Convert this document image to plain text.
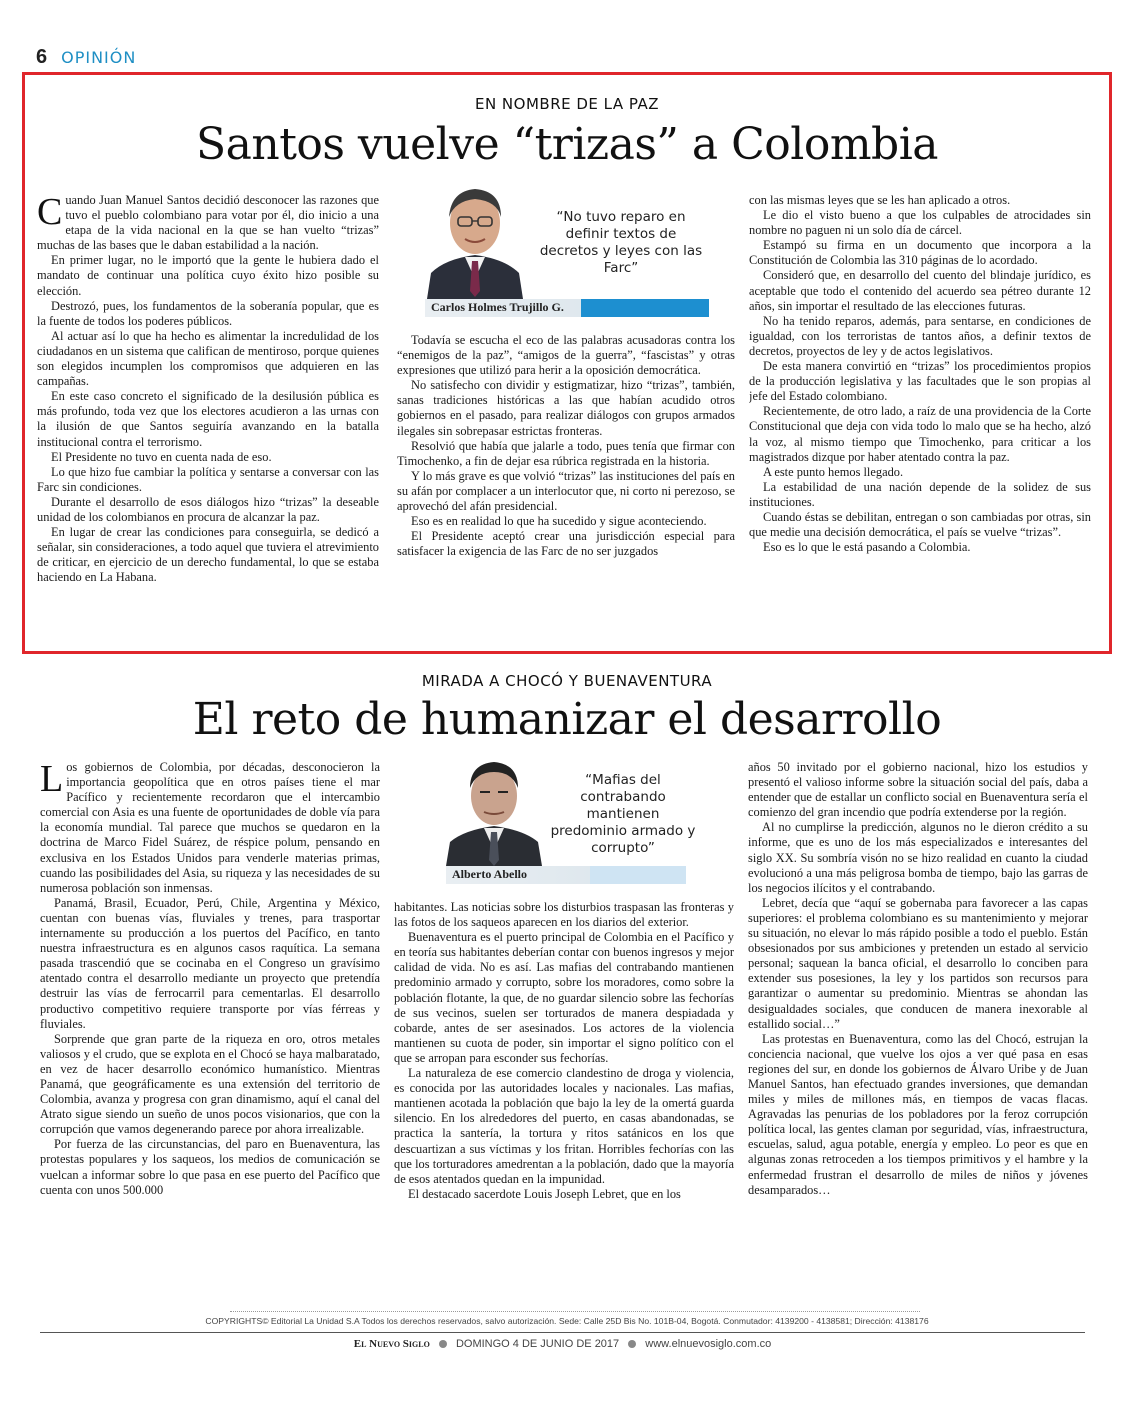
6 OPINIÓN
EN NOMBRE DE LA PAZ
Santos vuelve “trizas” a Colombia

Cuando Juan Manuel Santos decidió desconocer las razones que tuvo el pueblo colombiano para votar por él, dio inicio a una etapa de la vida nacional en la que se han vuelto “trizas” muchas de las bases que le daban estabilidad a la nación.

En primer lugar, no le importó que la gente le hubiera dado el mandato de continuar una política cuyo éxito hizo posible su elección.

Destrozó, pues, los fundamentos de la soberanía popular, que es la fuente de todos los poderes públicos.

Al actuar así lo que ha hecho es alimentar la incredulidad de los ciudadanos en un sistema que califican de mentiroso, porque quienes son elegidos incumplen los compromisos que adquieren en las campañas.

En este caso concreto el significado de la desilusión pública es más profundo, toda vez que los electores acudieron a las urnas con la ilusión de que Santos seguiría avanzando en la batalla institucional contra el terrorismo.

El Presidente no tuvo en cuenta nada de eso.

Lo que hizo fue cambiar la política y sentarse a conversar con las Farc sin condiciones.

Durante el desarrollo de esos diálogos hizo “trizas” la deseable unidad de los colombianos en procura de alcanzar la paz.

En lugar de crear las condiciones para conseguirla, se dedicó a señalar, sin consideraciones, a todo aquel que tuviera el atrevimiento de criticar, en ejercicio de un derecho fundamental, lo que se estaba haciendo en La Habana.

“No tuvo reparo en definir textos de decretos y leyes con las Farc”
Carlos Holmes Trujillo G.

Todavía se escucha el eco de las palabras acusadoras contra los “enemigos de la paz”, “amigos de la guerra”, “fascistas” y otras expresiones que utilizó para herir a la oposición democrática.

No satisfecho con dividir y estigmatizar, hizo “trizas”, también, sanas tradiciones históricas a las que habían acudido otros gobiernos en el pasado, para realizar diálogos con grupos armados ilegales sin sobrepasar estrictas fronteras.

Resolvió que había que jalarle a todo, pues tenía que firmar con Timochenko, a fin de dejar esa rúbrica registrada en la historia.

Y lo más grave es que volvió “trizas” las instituciones del país en su afán por complacer a un interlocutor que, ni corto ni perezoso, se aprovechó del afán presidencial.

Eso es en realidad lo que ha sucedido y sigue aconteciendo.

El Presidente aceptó crear una jurisdicción especial para satisfacer la exigencia de las Farc de no ser juzgados

con las mismas leyes que se les han aplicado a otros.

Le dio el visto bueno a que los culpables de atrocidades sin nombre no paguen ni un solo día de cárcel.

Estampó su firma en un documento que incorpora a la Constitución de Colombia las 310 páginas de lo acordado.

Consideró que, en desarrollo del cuento del blindaje jurídico, es aceptable que todo el contenido del acuerdo sea pétreo durante 12 años, sin importar el resultado de las elecciones futuras.

No ha tenido reparos, además, para sentarse, en condiciones de igualdad, con los terroristas de tantos años, a definir textos de decretos, proyectos de ley y de actos legislativos.

De esta manera convirtió en “trizas” los procedimientos propios de la producción legislativa y las facultades que le son propias al jefe del Estado colombiano.

Recientemente, de otro lado, a raíz de una providencia de la Corte Constitucional que deja con vida todo lo malo que se ha hecho, alzó la voz, al mismo tiempo que Timochenko, para criticar a los magistrados dizque por haber atentado contra la paz.

A este punto hemos llegado.

La estabilidad de una nación depende de la solidez de sus instituciones.

Cuando éstas se debilitan, entregan o son cambiadas por otras, sin que medie una decisión democrática, el país se vuelve “trizas”.

Eso es lo que le está pasando a Colombia.

MIRADA A CHOCÓ Y BUENAVENTURA
El reto de humanizar el desarrollo

Los gobiernos de Colombia, por décadas, desconocieron la importancia geopolítica que en otros países tiene el mar Pacífico y recientemente recordaron que el intercambio comercial con Asia es una fuente de oportunidades de doble vía para la economía mundial. Tal parece que muchos se quedaron en la doctrina de Marco Fidel Suárez, de réspice polum, pensando en exclusiva en los Estados Unidos para venderle materias primas, cuando las posibilidades del Asia, su riqueza y las necesidades de su numerosa población son inmensas.

Panamá, Brasil, Ecuador, Perú, Chile, Argentina y México, cuentan con buenas vías, fluviales y trenes, para trasportar internamente su producción a los puertos del Pacífico, en tanto nuestra infraestructura es en algunos casos raquítica. La semana pasada trascendió que se cocinaba en el Congreso un gravísimo atentado contra el desarrollo mediante un proyecto que pretendía destruir las vías de ferrocarril para cementarlas. El desarrollo productivo competitivo requiere transporte por vías férreas y fluviales.

Sorprende que gran parte de la riqueza en oro, otros metales valiosos y el crudo, que se explota en el Chocó se haya malbaratado, en vez de hacer desarrollo económico humanístico. Mientras Panamá, que geográficamente es una extensión del territorio de Colombia, avanza y progresa con gran dinamismo, aquí el canal del Atrato sigue siendo un sueño de unos pocos visionarios, que con la corrupción que vamos degenerando parece por ahora irrealizable.

Por fuerza de las circunstancias, del paro en Buenaventura, las protestas populares y los saqueos, los medios de comunicación se vuelcan a informar sobre lo que pasa en ese puerto del Pacífico que cuenta con unos 500.000

“Mafias del contrabando mantienen predominio armado y corrupto”
Alberto Abello

habitantes. Las noticias sobre los disturbios traspasan las fronteras y las fotos de los saqueos aparecen en los diarios del exterior.

Buenaventura es el puerto principal de Colombia en el Pacífico y en teoría sus habitantes deberían contar con buenos ingresos y mejor calidad de vida. No es así. Las mafias del contrabando mantienen predominio armado y corrupto, sobre los moradores, como sobre la población flotante, la que, de no guardar silencio sobre las fechorías de sus vecinos, suelen ser torturados de manera despiadada y cobarde, antes de ser asesinados. Los actores de la violencia mantienen su cuota de poder, sin importar el signo político con el que se arropan para esconder sus fechorías.

La naturaleza de ese comercio clandestino de droga y violencia, es conocida por las autoridades locales y nacionales. Las mafias, mantienen acotada la población que bajo la ley de la omertá guarda silencio. En los alrededores del puerto, en casas abandonadas, se practica la santería, la tortura y ritos satánicos en los que descuartizan a sus víctimas y los fritan. Horribles fechorías con las que los torturadores amedrentan a la población, dado que la mayoría de esos atentados quedan en la impunidad.

El destacado sacerdote Louis Joseph Lebret, que en los

años 50 invitado por el gobierno nacional, hizo los estudios y presentó el valioso informe sobre la situación social del país, daba a entender que de estallar un conflicto social en Buenaventura sería el comienzo del gran incendio que podría extenderse por la región.

Al no cumplirse la predicción, algunos no le dieron crédito a su informe, que es uno de los más especializados e interesantes del siglo XX. Su sombría visón no se hizo realidad en cuanto la ciudad evolucionó a una más peligrosa bomba de tiempo, bajo las garras de los negocios ilícitos y el contrabando.

Lebret, decía que “aquí se gobernaba para favorecer a las capas superiores: el problema colombiano es su mantenimiento y mejorar su situación, no elevar lo más rápido posible a todo el pueblo. Están obsesionados por sus ambiciones y pretenden un estado al servicio personal; saquean la banca oficial, el desarrollo lo conciben para extender sus posesiones, la ley y los partidos son recursos para garantizar o aumentar su predominio. Mientras se ahondan las desigualdades sociales, que conducen de manera inexorable al estallido social…”

Las protestas en Buenaventura, como las del Chocó, estrujan la conciencia nacional, que vuelve los ojos a ver qué pasa en esas regiones del sur, en donde los gobiernos de Álvaro Uribe y de Juan Manuel Santos, han efectuado grandes inversiones, que demandan miles y miles de millones más, en tiempos de vacas flacas. Agravadas las penurias de los pobladores por la feroz corrupción política local, las gentes claman por seguridad, vías, infraestructura, escuelas, salud, agua potable, energía y empleo. Lo peor es que en algunas zonas retroceden a los tiempos primitivos y el hambre y la enfermedad frustran el desarrollo de miles de niños y jóvenes desamparados…

COPYRIGHTS© Editorial La Unidad S.A Todos los derechos reservados, salvo autorización. Sede: Calle 25D Bis No. 101B-04, Bogotá. Conmutador: 4139200 - 4138581; Dirección: 4138176
El Nuevo Siglo DOMINGO 4 DE JUNIO DE 2017 www.elnuevosiglo.com.co
